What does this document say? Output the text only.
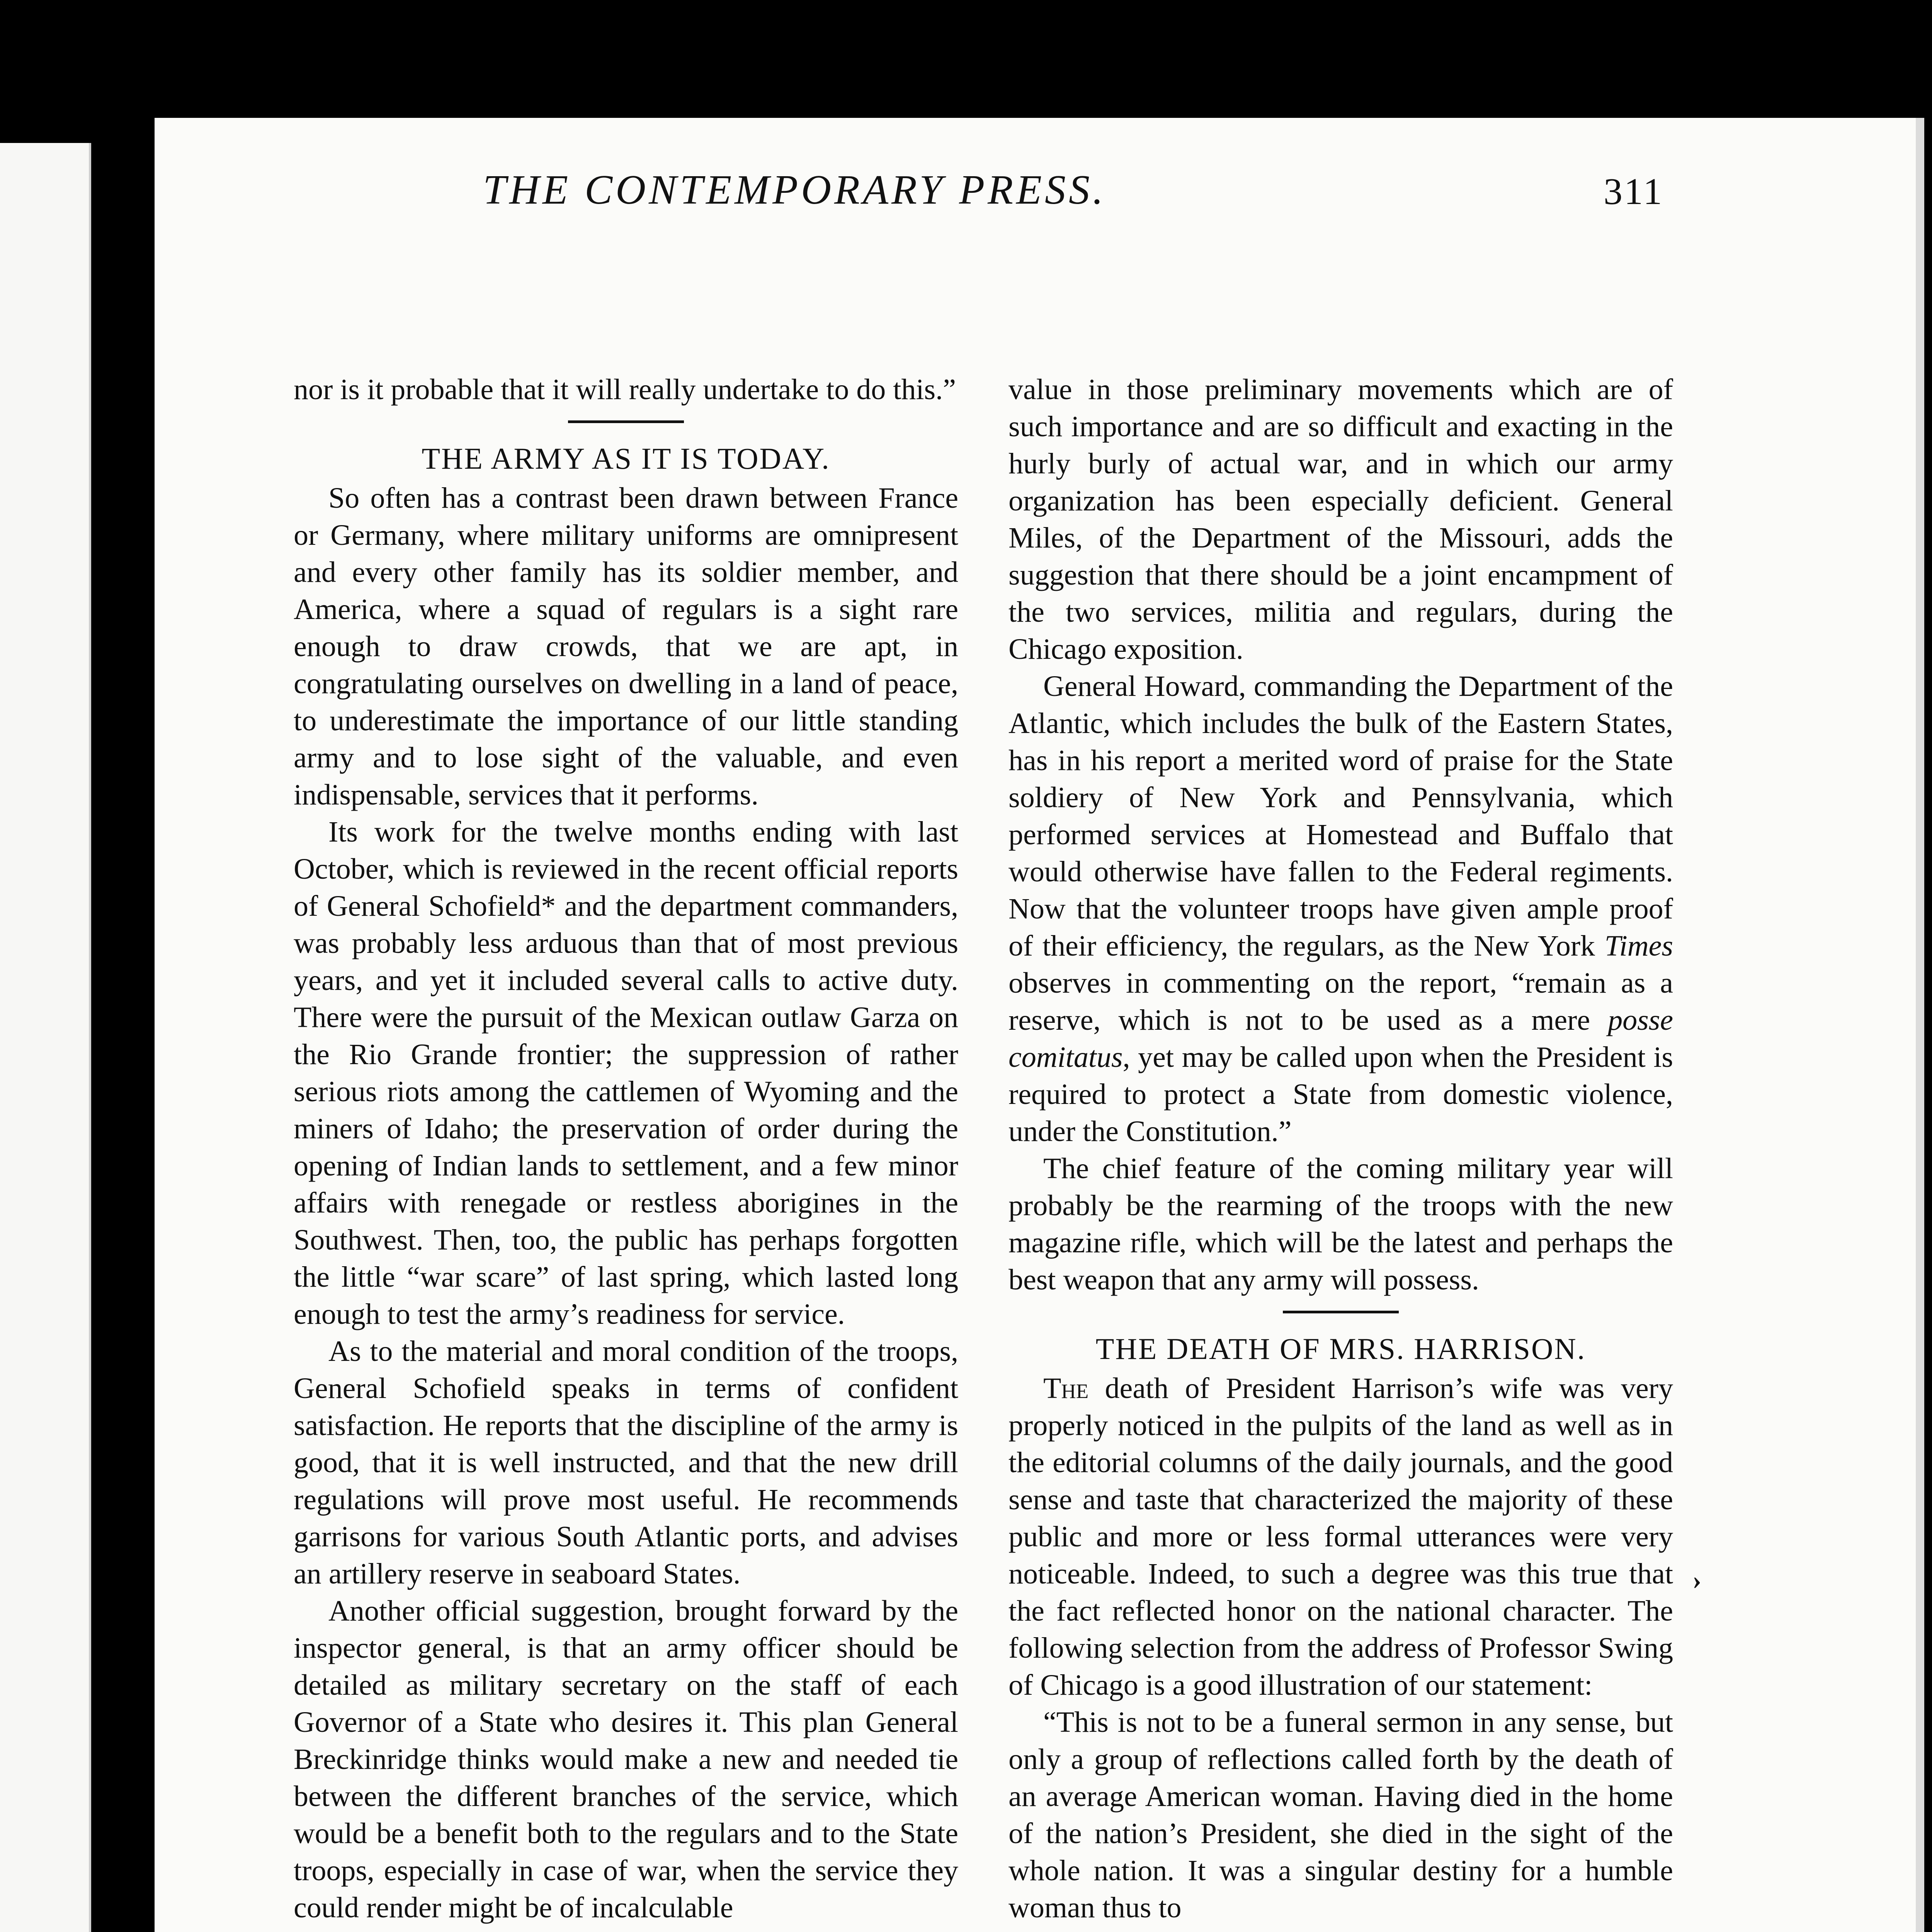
THE CONTEMPORARY PRESS.	311

nor is it probable that it will really undertake to do this.”

THE ARMY AS IT IS TODAY.

So often has a contrast been drawn between France or Germany, where military uniforms are omnipresent and every other family has its soldier member, and America, where a squad of regulars is a sight rare enough to draw crowds, that we are apt, in congratulating ourselves on dwelling in a land of peace, to underestimate the importance of our little standing army and to lose sight of the valuable, and even indispensable, services that it performs.

Its work for the twelve months ending with last October, which is reviewed in the recent official reports of General Schofield* and the department commanders, was probably less arduous than that of most previous years, and yet it included several calls to active duty. There were the pursuit of the Mexican outlaw Garza on the Rio Grande frontier; the suppression of rather serious riots among the cattlemen of Wyoming and the miners of Idaho; the preservation of order during the opening of Indian lands to settlement, and a few minor affairs with renegade or restless aborigines in the Southwest. Then, too, the public has perhaps forgotten the little “war scare” of last spring, which lasted long enough to test the army’s readiness for service.

As to the material and moral condition of the troops, General Schofield speaks in terms of confident satisfaction. He reports that the discipline of the army is good, that it is well instructed, and that the new drill regulations will prove most useful. He recommends garrisons for various South Atlantic ports, and advises an artillery reserve in seaboard States.

Another official suggestion, brought forward by the inspector general, is that an army officer should be detailed as military secretary on the staff of each Governor of a State who desires it. This plan General Breckinridge thinks would make a new and needed tie between the different branches of the service, which would be a benefit both to the regulars and to the State troops, especially in case of war, when the service they could render might be of incalculable

value in those preliminary movements which are of such importance and are so difficult and exacting in the hurly burly of actual war, and in which our army organization has been especially deficient. General Miles, of the Department of the Missouri, adds the suggestion that there should be a joint encampment of the two services, militia and regulars, during the Chicago exposition.

General Howard, commanding the Department of the Atlantic, which includes the bulk of the Eastern States, has in his report a merited word of praise for the State soldiery of New York and Pennsylvania, which performed services at Homestead and Buffalo that would otherwise have fallen to the Federal regiments. Now that the volunteer troops have given ample proof of their efficiency, the regulars, as the New York Times observes in commenting on the report, “remain as a reserve, which is not to be used as a mere posse comitatus, yet may be called upon when the President is required to protect a State from domestic violence, under the Constitution.”

The chief feature of the coming military year will probably be the rearming of the troops with the new magazine rifle, which will be the latest and perhaps the best weapon that any army will possess.

THE DEATH OF MRS. HARRISON.

The death of President Harrison’s wife was very properly noticed in the pulpits of the land as well as in the editorial columns of the daily journals, and the good sense and taste that characterized the majority of these public and more or less formal utterances were very noticeable. Indeed, to such a degree was this true that the fact reflected honor on the national character. The following selection from the address of Professor Swing of Chicago is a good illustration of our statement:

“This is not to be a funeral sermon in any sense, but only a group of reflections called forth by the death of an average American woman. Having died in the home of the nation’s President, she died in the sight of the whole nation. It was a singular destiny for a humble woman thus to

›
